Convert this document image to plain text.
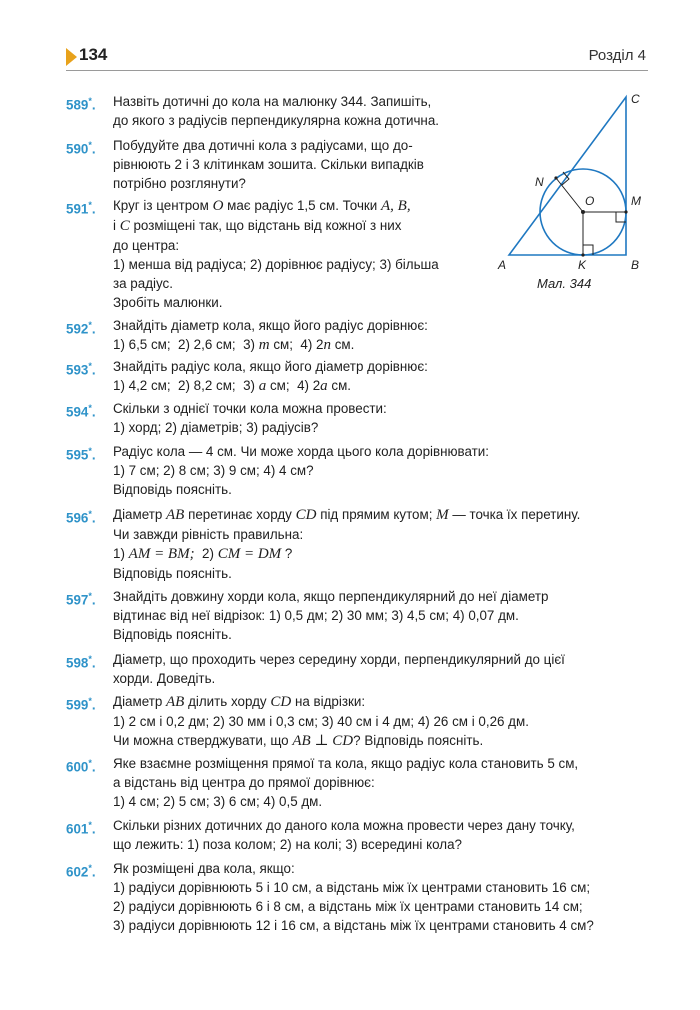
134	Розділ 4
C
N
O	M
A	K	B
Мал. 344
589*.	Назвіть дотичні до кола на малюнку 344. Запишіть,
до якого з радіусів перпендикулярна кожна дотична.
590*.	Побудуйте два дотичні кола з радіусами, що до-
рівнюють 2 і 3 клітинкам зошита. Скільки випадків
потрібно розглянути?
591*.	Круг із центром O має радіус 1,5 см. Точки A, B,
і C розміщені так, що відстань від кожної з них
до центра:
1) менша від радіуса; 2) дорівнює радіусу; 3) більша
за радіус.
Зробіть малюнки.
592*.	Знайдіть діаметр кола, якщо його радіус дорівнює:
1) 6,5 см; 2) 2,6 см; 3) m см; 4) 2n см.
593*.	Знайдіть радіус кола, якщо його діаметр дорівнює:
1) 4,2 см; 2) 8,2 см; 3) a см; 4) 2a см.
594*.	Скільки з однієї точки кола можна провести:
1) хорд; 2) діаметрів; 3) радіусів?
595*.	Радіус кола — 4 см. Чи може хорда цього кола дорівнювати:
1) 7 см; 2) 8 см; 3) 9 см; 4) 4 см?
Відповідь поясніть.
596*.	Діаметр AB перетинає хорду CD під прямим кутом; M — точка їх перетину.
Чи завжди рівність правильна:
1) AM = BM; 2) CM = DM ?
Відповідь поясніть.
597*.	Знайдіть довжину хорди кола, якщо перпендикулярний до неї діаметр
відтинає від неї відрізок: 1) 0,5 дм; 2) 30 мм; 3) 4,5 см; 4) 0,07 дм.
Відповідь поясніть.
598*.	Діаметр, що проходить через середину хорди, перпендикулярний до цієї
хорди. Доведіть.
599*.	Діаметр AB ділить хорду CD на відрізки:
1) 2 см і 0,2 дм; 2) 30 мм і 0,3 см; 3) 40 см і 4 дм; 4) 26 см і 0,26 дм.
Чи можна стверджувати, що AB ⊥ CD? Відповідь поясніть.
600*.	Яке взаємне розміщення прямої та кола, якщо радіус кола становить 5 см,
а відстань від центра до прямої дорівнює:
1) 4 см; 2) 5 см; 3) 6 см; 4) 0,5 дм.
601*.	Скільки різних дотичних до даного кола можна провести через дану точку,
що лежить: 1) поза колом; 2) на колі; 3) всередині кола?
602*.	Як розміщені два кола, якщо:
1) радіуси дорівнюють 5 і 10 см, а відстань між їх центрами становить 16 см;
2) радіуси дорівнюють 6 і 8 см, а відстань між їх центрами становить 14 см;
3) радіуси дорівнюють 12 і 16 см, а відстань між їх центрами становить 4 см?
